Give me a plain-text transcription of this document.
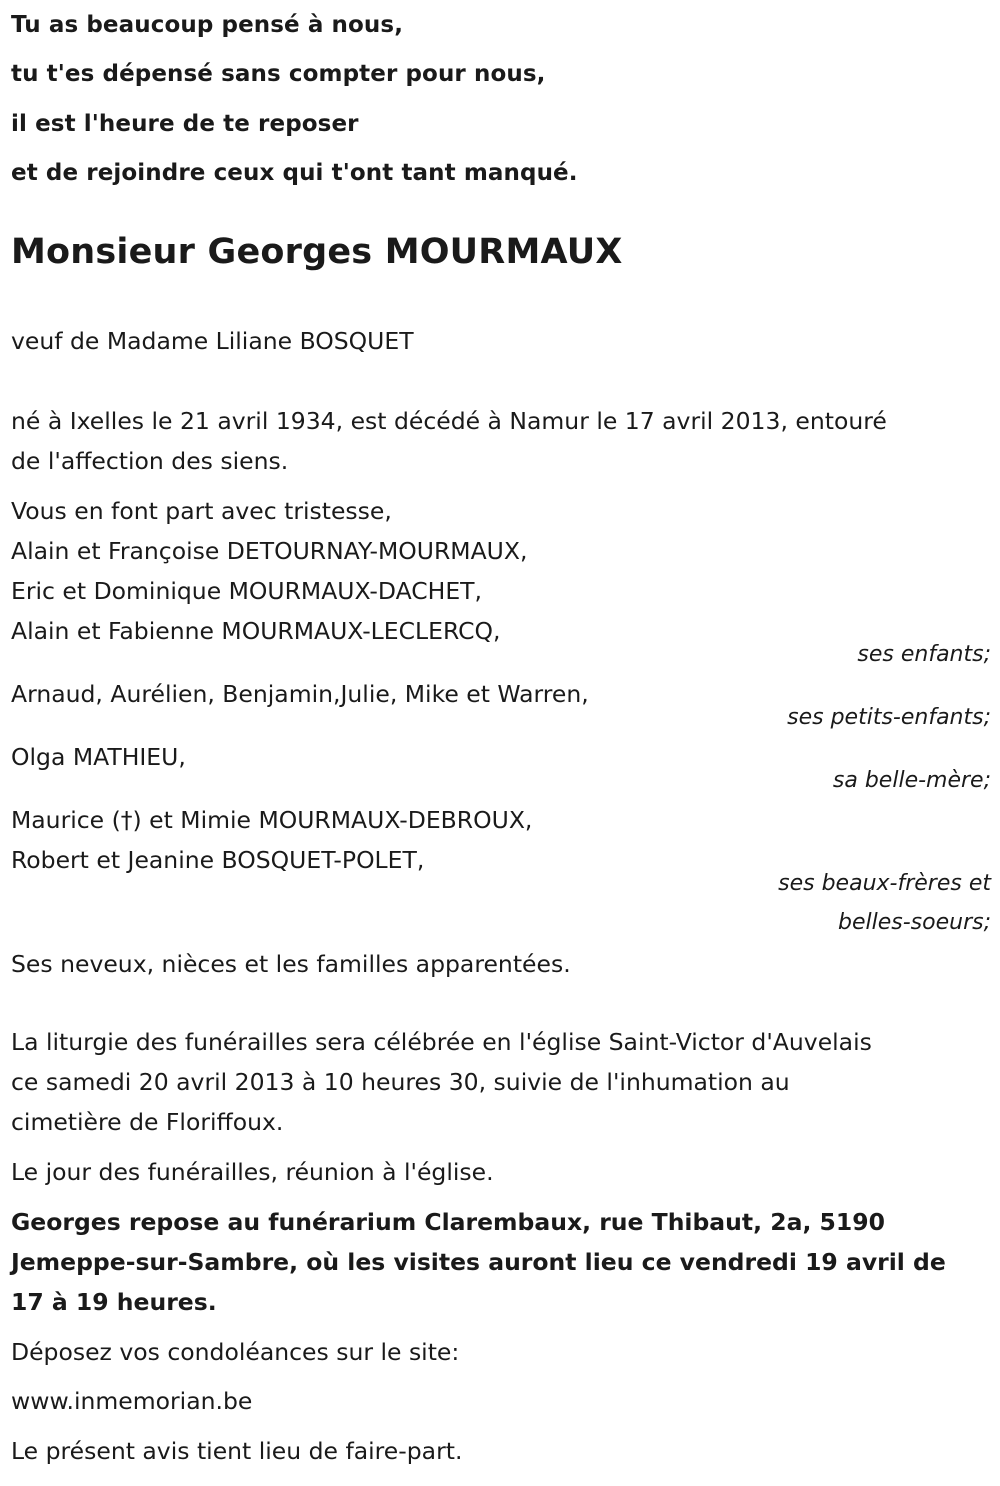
Tu as beaucoup pensé à nous,
tu t'es dépensé sans compter pour nous,
il est l'heure de te reposer
et de rejoindre ceux qui t'ont tant manqué.
Monsieur Georges MOURMAUX
veuf de Madame Liliane BOSQUET
né à Ixelles le 21 avril 1934, est décédé à Namur le 17 avril 2013, entouré
de l'affection des siens.
Vous en font part avec tristesse,
Alain et Françoise DETOURNAY-MOURMAUX,
Eric et Dominique MOURMAUX-DACHET,
Alain et Fabienne MOURMAUX-LECLERCQ,
ses enfants;
Arnaud, Aurélien, Benjamin,Julie, Mike et Warren,
ses petits-enfants;
Olga MATHIEU,
sa belle-mère;
Maurice (†) et Mimie MOURMAUX-DEBROUX,
Robert et Jeanine BOSQUET-POLET,
ses beaux-frères et
belles-soeurs;
Ses neveux, nièces et les familles apparentées.
La liturgie des funérailles sera célébrée en l'église Saint-Victor d'Auvelais
ce samedi 20 avril 2013 à 10 heures 30, suivie de l'inhumation au
cimetière de Floriffoux.
Le jour des funérailles, réunion à l'église.
Georges repose au funérarium Clarembaux, rue Thibaut, 2a, 5190
Jemeppe-sur-Sambre, où les visites auront lieu ce vendredi 19 avril de
17 à 19 heures.
Déposez vos condoléances sur le site:
www.inmemorian.be
Le présent avis tient lieu de faire-part.
